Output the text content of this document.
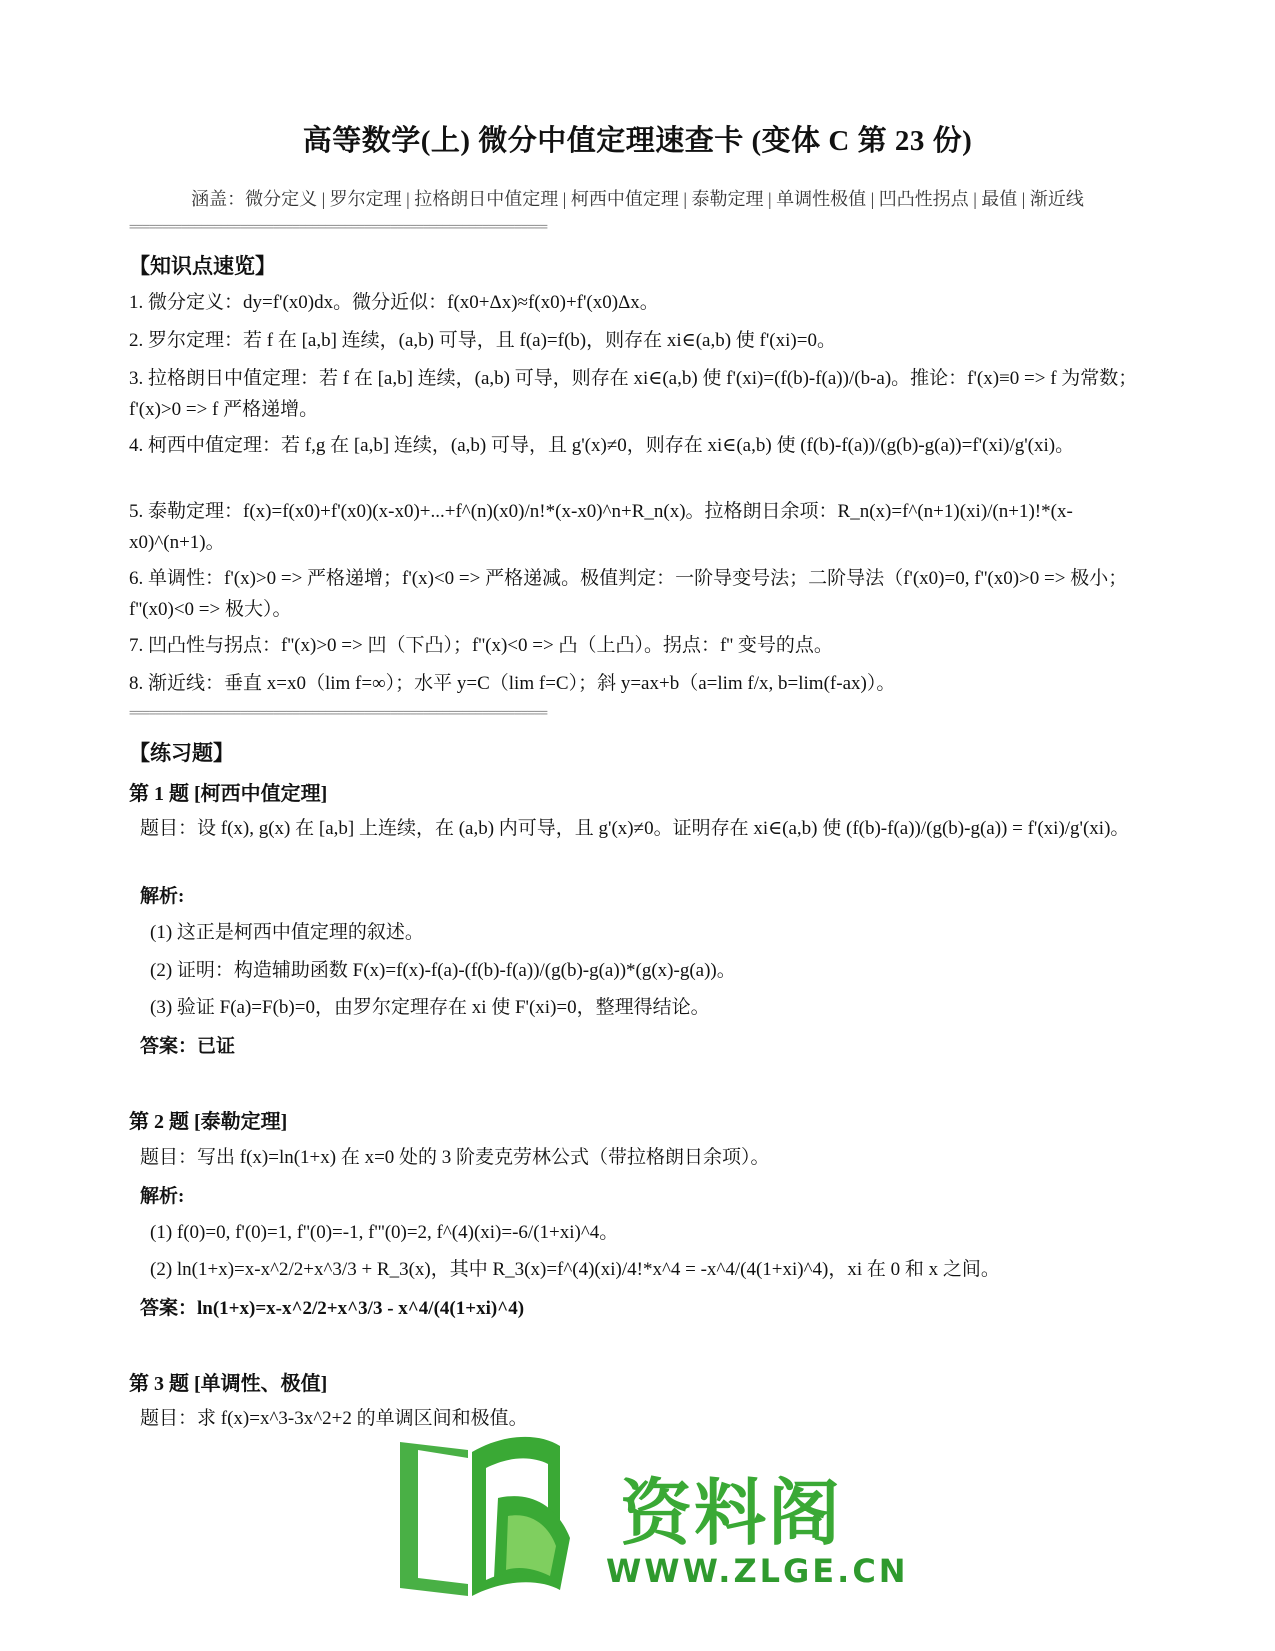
高等数学(上) 微分中值定理速查卡 (变体 C 第 23 份)
涵盖：微分定义 | 罗尔定理 | 拉格朗日中值定理 | 柯西中值定理 | 泰勒定理 | 单调性极值 | 凹凸性拐点 | 最值 | 渐近线
================================================================
【知识点速览】
1. 微分定义：dy=f'(x0)dx。微分近似：f(x0+Δx)≈f(x0)+f'(x0)Δx。
2. 罗尔定理：若 f 在 [a,b] 连续，(a,b) 可导，且 f(a)=f(b)，则存在 xi∈(a,b) 使 f'(xi)=0。
3. 拉格朗日中值定理：若 f 在 [a,b] 连续，(a,b) 可导，则存在 xi∈(a,b) 使 f'(xi)=(f(b)-f(a))/(b-a)。推论：f'(x)≡0 => f 为常数；f'(x)>0 => f 严格递增。
4. 柯西中值定理：若 f,g 在 [a,b] 连续，(a,b) 可导，且 g'(x)≠0，则存在 xi∈(a,b) 使 (f(b)-f(a))/(g(b)-g(a))=f'(xi)/g'(xi)。
5. 泰勒定理：f(x)=f(x0)+f'(x0)(x-x0)+...+f^(n)(x0)/n!*(x-x0)^n+R_n(x)。拉格朗日余项：R_n(x)=f^(n+1)(xi)/(n+1)!*(x-x0)^(n+1)。
6. 单调性：f'(x)>0 => 严格递增；f'(x)<0 => 严格递减。极值判定：一阶导变号法；二阶导法（f'(x0)=0, f''(x0)>0 => 极小；f''(x0)<0 => 极大）。
7. 凹凸性与拐点：f''(x)>0 => 凹（下凸）；f''(x)<0 => 凸（上凸）。拐点：f'' 变号的点。
8. 渐近线：垂直 x=x0（lim f=∞）；水平 y=C（lim f=C）；斜 y=ax+b（a=lim f/x, b=lim(f-ax)）。
================================================================
【练习题】
第 1 题 [柯西中值定理]
题目：设 f(x), g(x) 在 [a,b] 上连续，在 (a,b) 内可导，且 g'(x)≠0。证明存在 xi∈(a,b) 使 (f(b)-f(a))/(g(b)-g(a)) = f'(xi)/g'(xi)。
解析:
(1) 这正是柯西中值定理的叙述。
(2) 证明：构造辅助函数 F(x)=f(x)-f(a)-(f(b)-f(a))/(g(b)-g(a))*(g(x)-g(a))。
(3) 验证 F(a)=F(b)=0，由罗尔定理存在 xi 使 F'(xi)=0，整理得结论。
答案：已证
第 2 题 [泰勒定理]
题目：写出 f(x)=ln(1+x) 在 x=0 处的 3 阶麦克劳林公式（带拉格朗日余项）。
解析:
(1) f(0)=0, f'(0)=1, f''(0)=-1, f'''(0)=2, f^(4)(xi)=-6/(1+xi)^4。
(2) ln(1+x)=x-x^2/2+x^3/3 + R_3(x)，其中 R_3(x)=f^(4)(xi)/4!*x^4 = -x^4/(4(1+xi)^4)，xi 在 0 和 x 之间。
答案：ln(1+x)=x-x^2/2+x^3/3 - x^4/(4(1+xi)^4)
第 3 题 [单调性、极值]
题目：求 f(x)=x^3-3x^2+2 的单调区间和极值。
资料阁
WWW.ZLGE.CN
